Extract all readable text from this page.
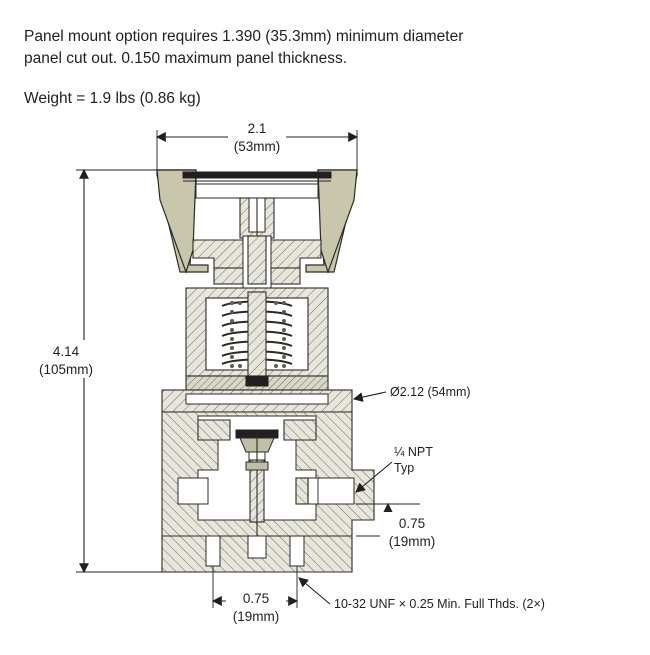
Panel mount option requires 1.390 (35.3mm) minimum diameter
panel cut out. 0.150 maximum panel thickness.
Weight = 1.9 lbs (0.86 kg)
2.1
(53mm)
4.14
(105mm)
Ø2.12 (54mm)
¼ NPT
Typ
0.75
(19mm)
0.75
(19mm)
10-32 UNF × 0.25 Min. Full Thds. (2×)
